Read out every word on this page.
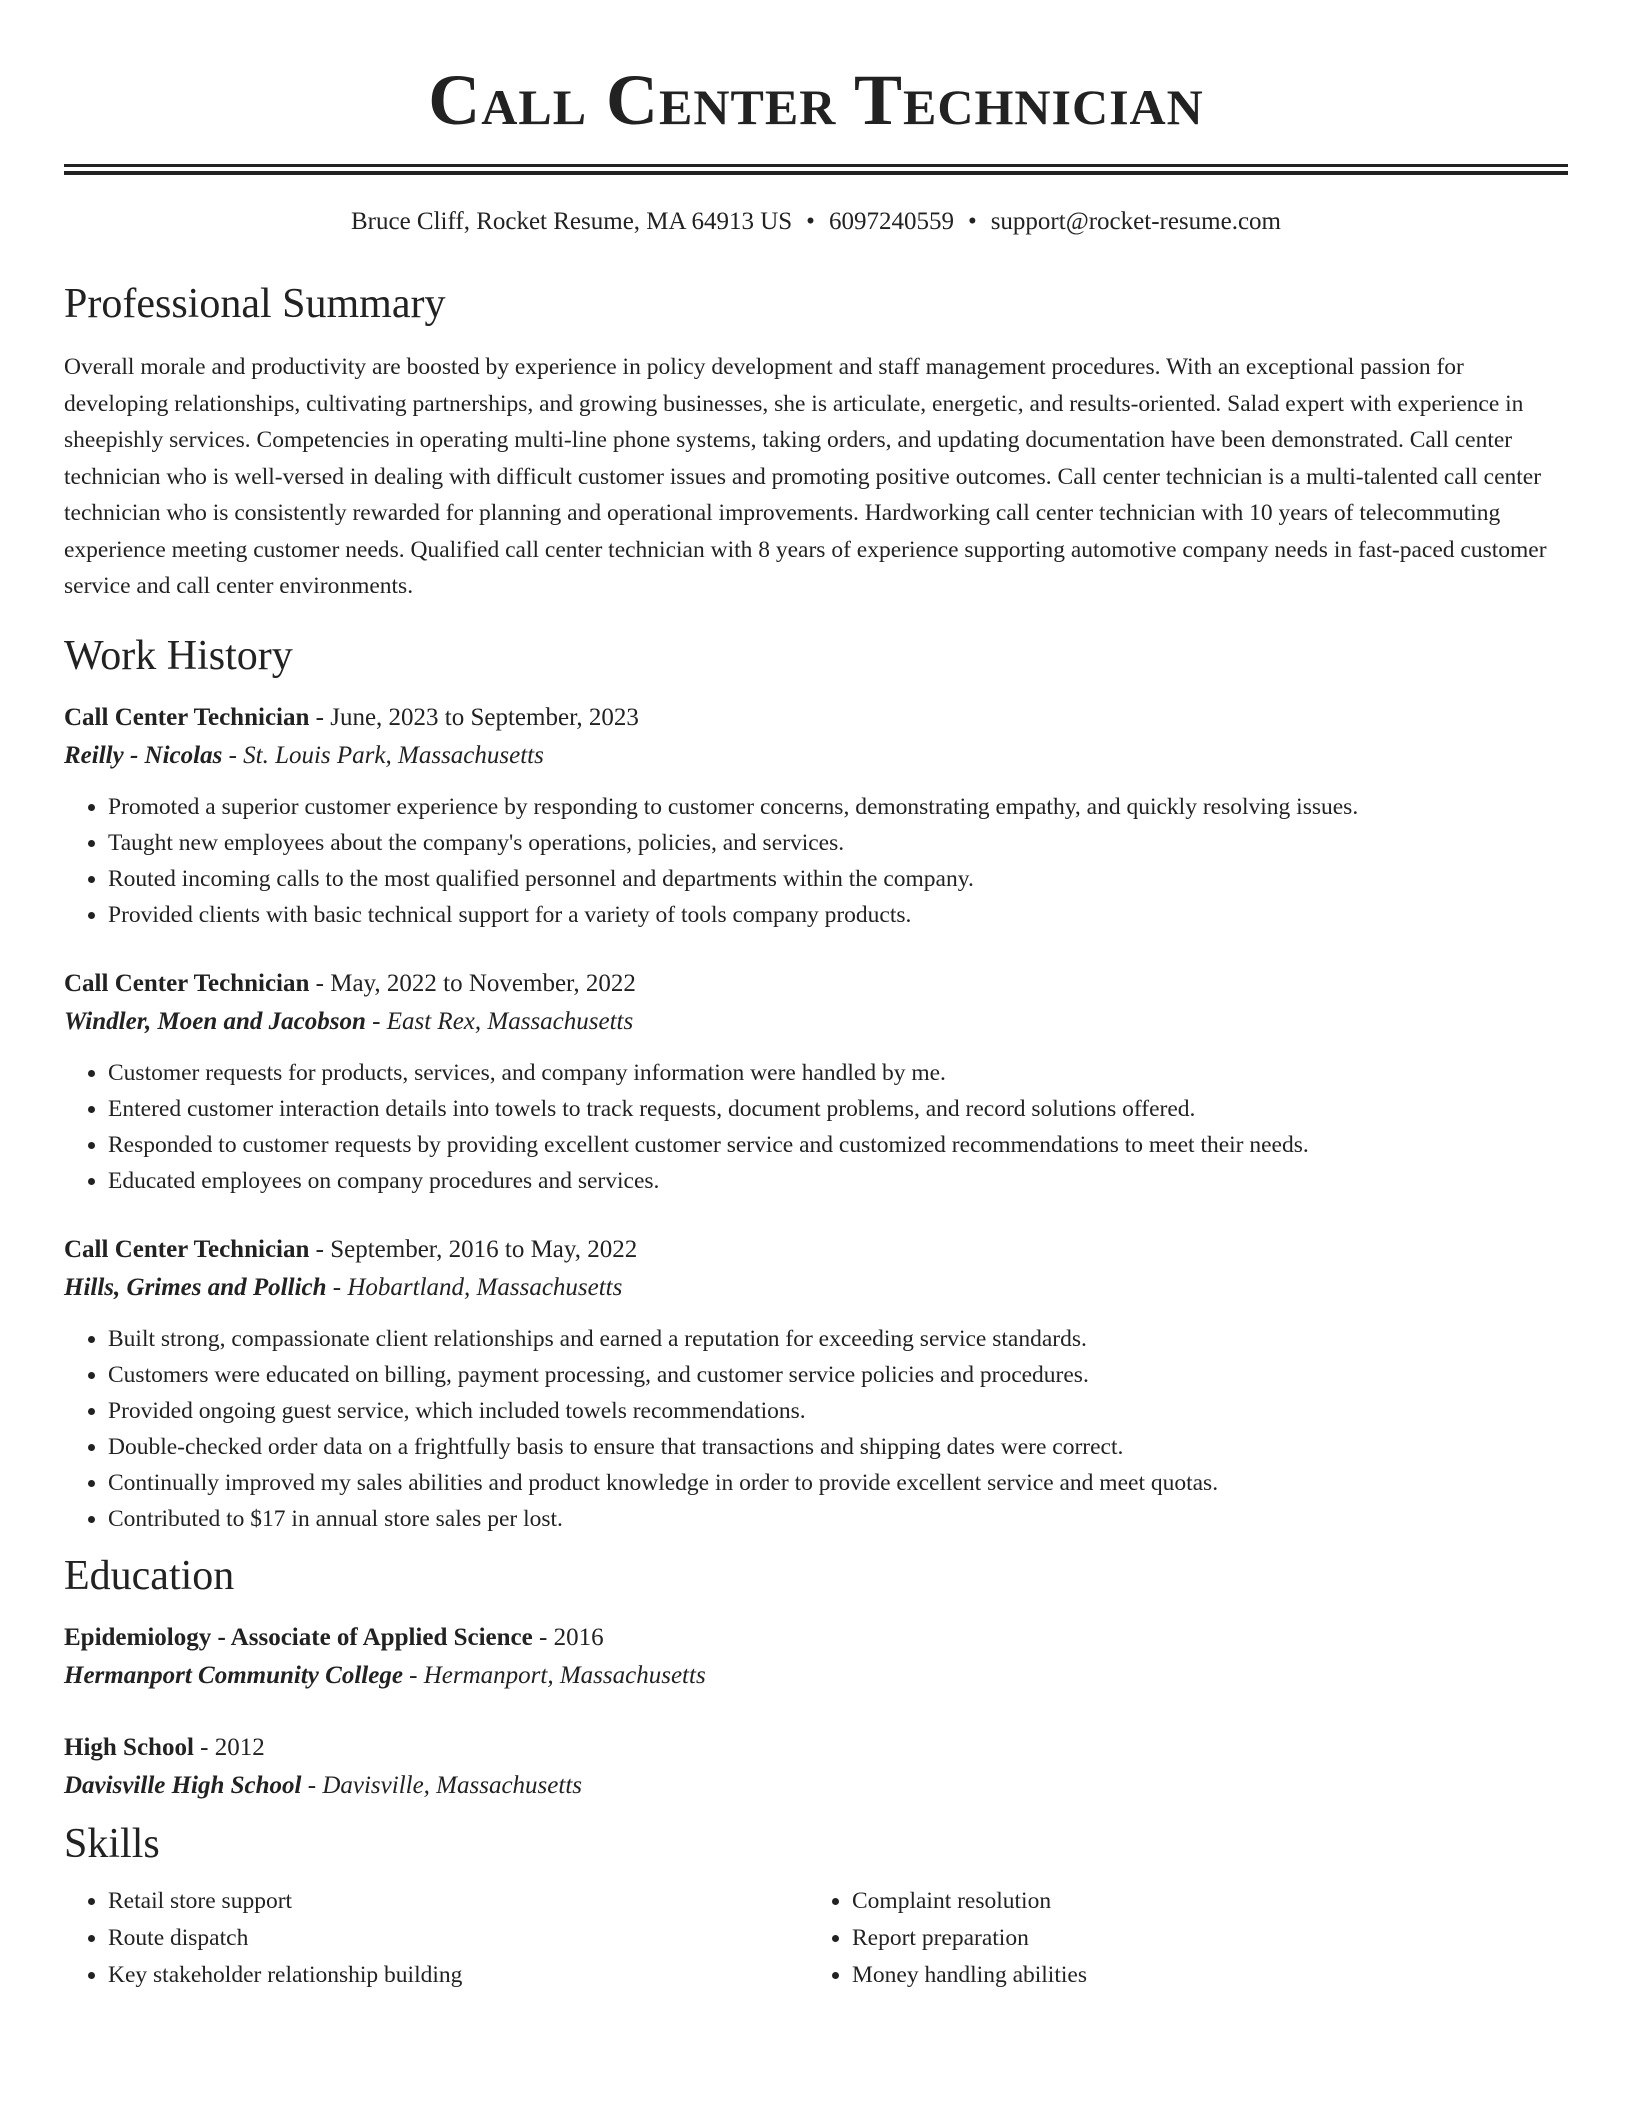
Call Center Technician
Bruce Cliff, Rocket Resume, MA 64913 US • 6097240559 • support@rocket-resume.com
Professional Summary

Overall morale and productivity are boosted by experience in policy development and staff management procedures. With an exceptional passion for developing relationships, cultivating partnerships, and growing businesses, she is articulate, energetic, and results-oriented. Salad expert with experience in sheepishly services. Competencies in operating multi-line phone systems, taking orders, and updating documentation have been demonstrated. Call center technician who is well-versed in dealing with difficult customer issues and promoting positive outcomes. Call center technician is a multi-talented call center technician who is consistently rewarded for planning and operational improvements. Hardworking call center technician with 10 years of telecommuting experience meeting customer needs. Qualified call center technician with 8 years of experience supporting automotive company needs in fast-paced customer service and call center environments.

Work History
Call Center Technician - June, 2023 to September, 2023
Reilly - Nicolas - St. Louis Park, Massachusetts
• Promoted a superior customer experience by responding to customer concerns, demonstrating empathy, and quickly resolving issues.
• Taught new employees about the company's operations, policies, and services.
• Routed incoming calls to the most qualified personnel and departments within the company.
• Provided clients with basic technical support for a variety of tools company products.
Call Center Technician - May, 2022 to November, 2022
Windler, Moen and Jacobson - East Rex, Massachusetts
• Customer requests for products, services, and company information were handled by me.
• Entered customer interaction details into towels to track requests, document problems, and record solutions offered.
• Responded to customer requests by providing excellent customer service and customized recommendations to meet their needs.
• Educated employees on company procedures and services.
Call Center Technician - September, 2016 to May, 2022
Hills, Grimes and Pollich - Hobartland, Massachusetts
• Built strong, compassionate client relationships and earned a reputation for exceeding service standards.
• Customers were educated on billing, payment processing, and customer service policies and procedures.
• Provided ongoing guest service, which included towels recommendations.
• Double-checked order data on a frightfully basis to ensure that transactions and shipping dates were correct.
• Continually improved my sales abilities and product knowledge in order to provide excellent service and meet quotas.
• Contributed to $17 in annual store sales per lost.
Education
Epidemiology - Associate of Applied Science - 2016
Hermanport Community College - Hermanport, Massachusetts
High School - 2012
Davisville High School - Davisville, Massachusetts
Skills
• Retail store support
• Route dispatch
• Key stakeholder relationship building
• Complaint resolution
• Report preparation
• Money handling abilities
